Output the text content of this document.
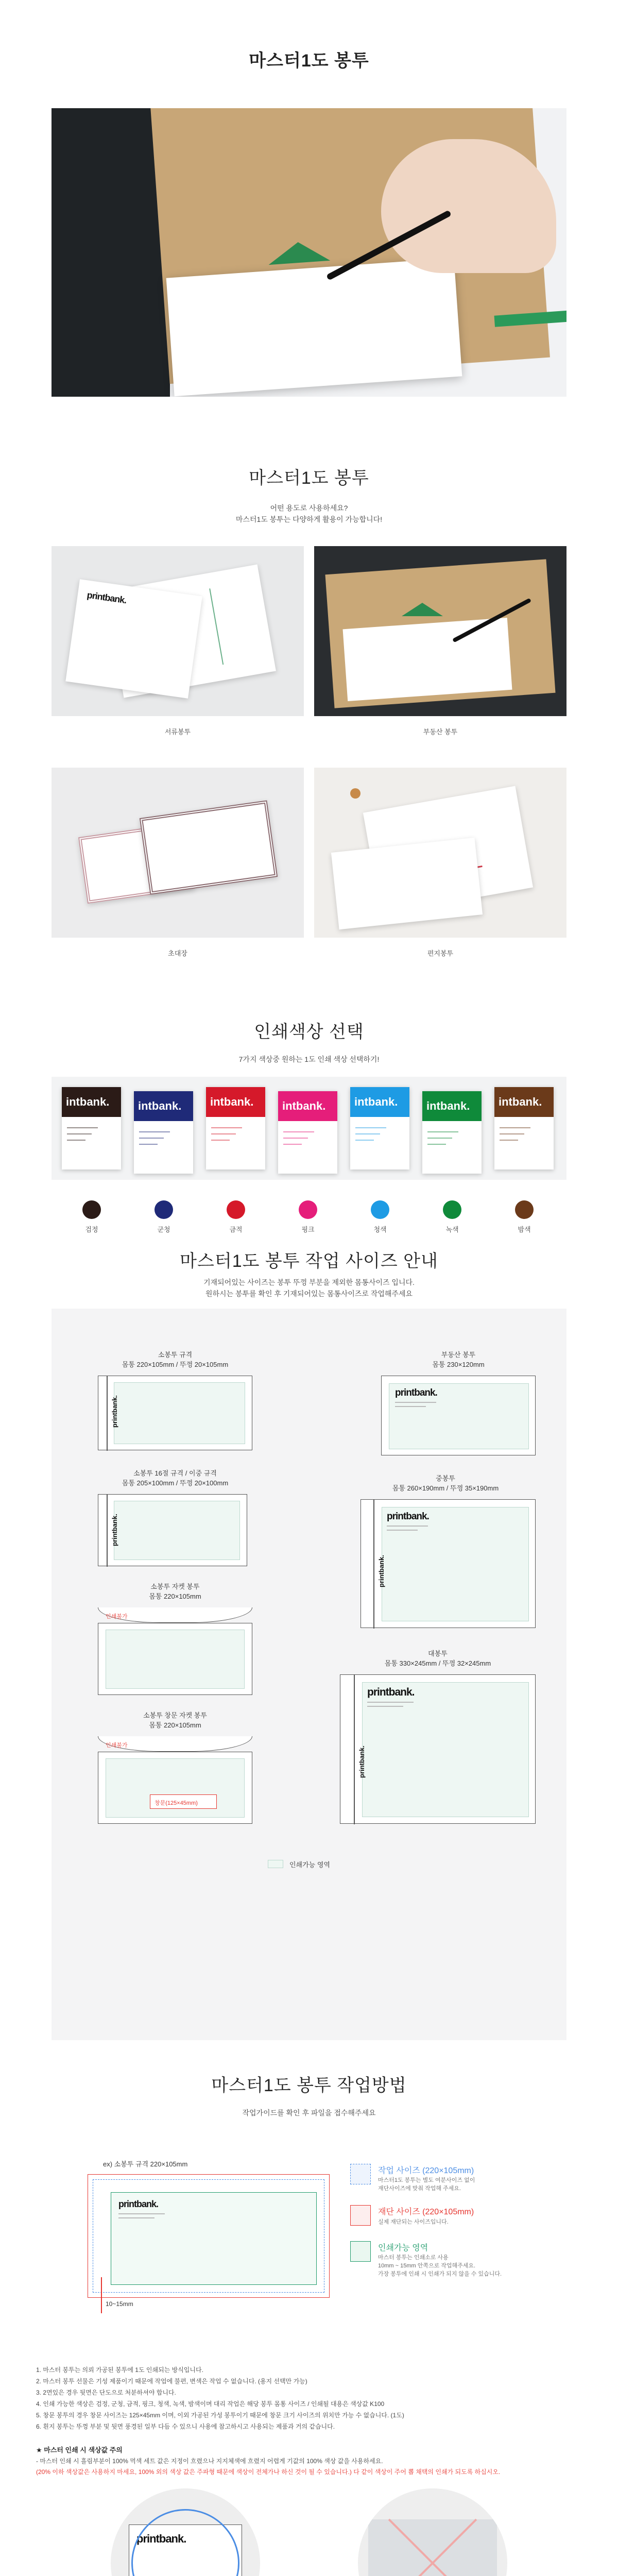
마스터1도 봉투
마스터1도 봉투
어떤 용도로 사용하세요?
마스터1도 봉투는 다양하게 활용이 가능합니다!
printbank.
서류봉투	부동산 봉투
초대장	편지봉투
인쇄색상 선택
7가지 색상중 원하는 1도 인쇄 색상 선택하기!
intbank.
검정
intbank.
군청
intbank.
금적
intbank.
핑크
intbank.
청색
intbank.
녹색
intbank.
밤색
마스터1도 봉투 작업 사이즈 안내
기재되어있는 사이즈는 봉투 뚜껑 부분을 제외한 몸통사이즈 입니다.
원하시는 봉투를 확인 후 기재되어있는 몸통사이즈로 작업해주세요
소봉투 규격
몸통 220×105mm / 뚜껑 20×105mm
printbank.
소봉투 16절 규격 / 이중 규격
몸통 205×100mm / 뚜껑 20×100mm
printbank.
소봉투 자켓 봉투
몸통 220×105mm
인쇄불가
소봉투 창문 자켓 봉투
몸통 220×105mm
인쇄불가
창문(125×45mm)
부동산 봉투
몸통 230×120mm
printbank.
중봉투
몸통 260×190mm / 뚜껑 35×190mm
printbank.
printbank.
대봉투
몸통 330×245mm / 뚜껑 32×245mm
printbank.
printbank.
인쇄가능 영역
마스터1도 봉투 작업방법
작업가이드를 확인 후 파일을 접수해주세요
ex) 소봉투 규격 220×105mm
printbank.
10~15mm
작업 사이즈 (220×105mm)
마스터1도 봉투는 별도 여분사이즈 없이
재단사이즈에 맞춰 작업해 주세요.
재단 사이즈 (220×105mm)
실제 재단되는 사이즈입니다.
인쇄가능 영역
마스터 봉투는 인쇄소로 사용
10mm ~ 15mm 안쪽으로 작업해주세요.
가장 봉투에 인쇄 시 인쇄가 되지 않을 수 있습니다.
1. 마스터 봉투는 의뢰 가공된 봉투에 1도 인쇄되는 방식입니다.
2. 마스터 봉투 선물은 기성 제품이기 때문에 작업에 불편, 변색은 작업 수 없습니다. (용지 선택만 가능)
3. 2면있은 경우 뒷면은 단도으로 처분하셔야 합니다.
4. 인쇄 가능한 색상은 검정, 군청, 금적, 핑크, 청색, 녹색, 밤색이며 대리 작업은 해당 봉투 몸통 사이즈 / 인쇄될 대용은 색상값 K100
5. 창문 봉투의 경우 창문 사이즈는 125×45mm 이며, 이외 가공된 가성 봉투이기 때문에 창문 크기 사이즈의 위치만 가능 수 없습니다. (1도)
6. 흰지 봉투는 뚜껑 부분 및 뒷면 풍경된 일부 다듬 수 있으니 사용에 참고하시고 사용되는 제품과 거의 같습니다.
★ 마스터 인쇄 시 색상값 주의
- 마스터 인쇄 시 흘림부분이 100% 먹색 세트 값은 지정이 흐렸으나 지지체색에 흐렸지 어렵게 기값의 100% 색상 값을 사용하세요.
(20% 이하 색상값은 사용하지 마세요, 100% 외의 색상 값은 주파형 때문에 색상이 전체가나 하신 것이 될 수 있습니다.) 다 같이 색상이 주어 뽑 채택의 인쇄가 되도록 하십시오.
printbank.
